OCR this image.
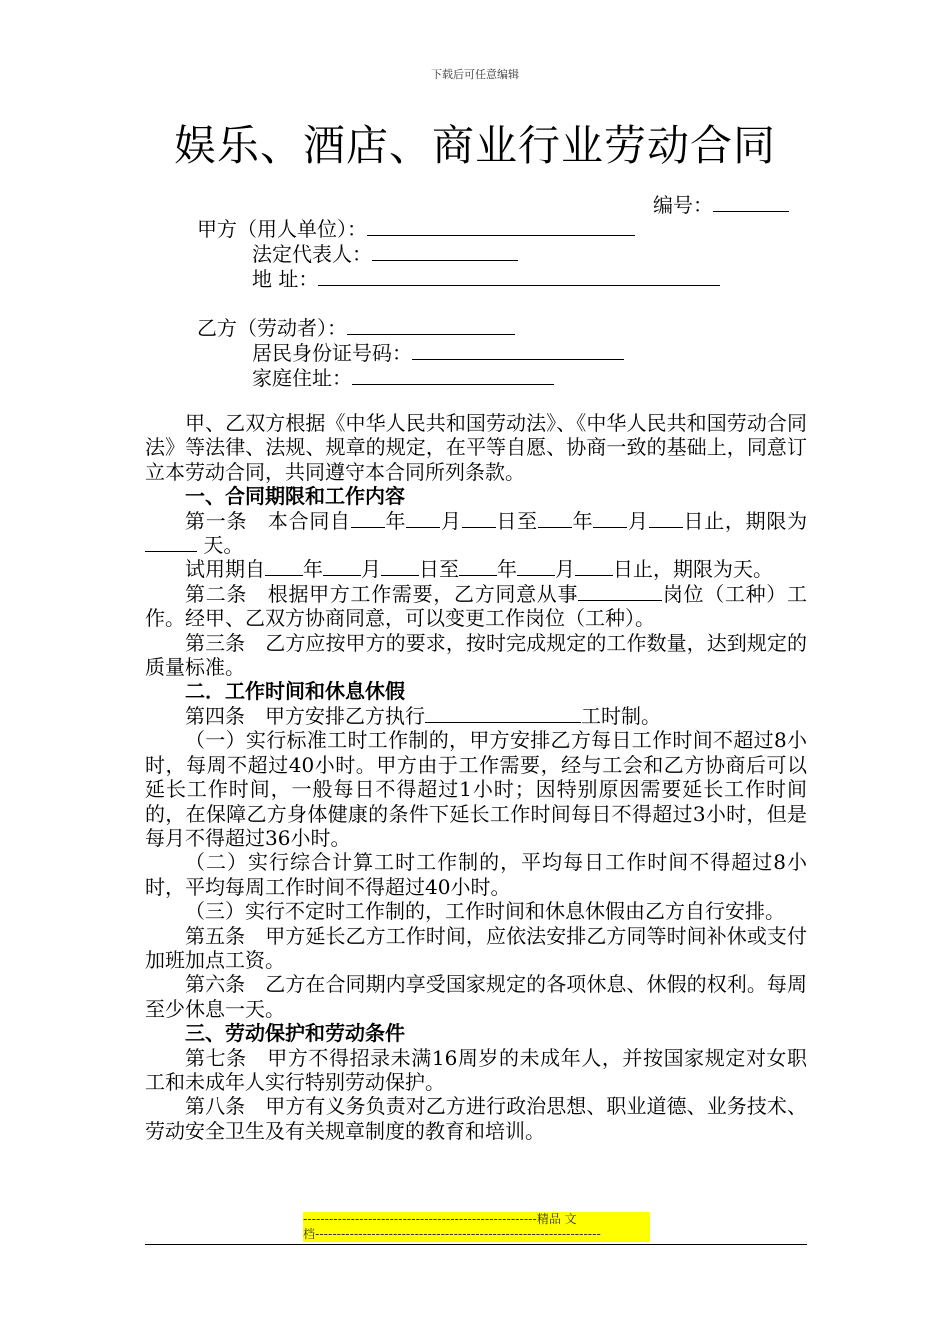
下载后可任意编辑
娱乐、酒店、商业行业劳动合同
编号：
甲方（用人单位）：
法定代表人：
地 址：
乙方（劳动者）：
居民身份证号码：
家庭住址：

甲、乙双方根据《中华人民共和国劳动法》、《中华人民共和国劳动合同法》等法律、法规、规章的规定，在平等自愿、协商一致的基础上，同意订立本劳动合同，共同遵守本合同所列条款。

一、合同期限和工作内容

第一条　本合同自 年 月 日至 年 月 日止，期限为 天。

试用期自 年 月 日至 年 月 日止，期限为天。

第二条　根据甲方工作需要，乙方同意从事	岗位（工种）工作。经甲、乙双方协商同意，可以变更工作岗位（工种）。

第三条　乙方应按甲方的要求，按时完成规定的工作数量，达到规定的质量标准。

二．工作时间和休息休假

第四条　甲方安排乙方执行	工时制。

（一）实行标准工时工作制的，甲方安排乙方每日工作时间不超过8小时，每周不超过40小时。甲方由于工作需要，经与工会和乙方协商后可以延长工作时间，一般每日不得超过1小时；因特别原因需要延长工作时间的，在保障乙方身体健康的条件下延长工作时间每日不得超过3小时，但是每月不得超过36小时。

（二）实行综合计算工时工作制的，平均每日工作时间不得超过8小时，平均每周工作时间不得超过40小时。

（三）实行不定时工作制的，工作时间和休息休假由乙方自行安排。

第五条　甲方延长乙方工作时间，应依法安排乙方同等时间补休或支付加班加点工资。

第六条　乙方在合同期内享受国家规定的各项休息、休假的权利。每周至少休息一天。

三、劳动保护和劳动条件

第七条　甲方不得招录未满16周岁的未成年人，并按国家规定对女职工和未成年人实行特别劳动保护。

第八条　甲方有义务负责对乙方进行政治思想、职业道德、业务技术、劳动安全卫生及有关规章制度的教育和培训。

------------------------------------------------------精品 文
档------------------------------------------------------------------
